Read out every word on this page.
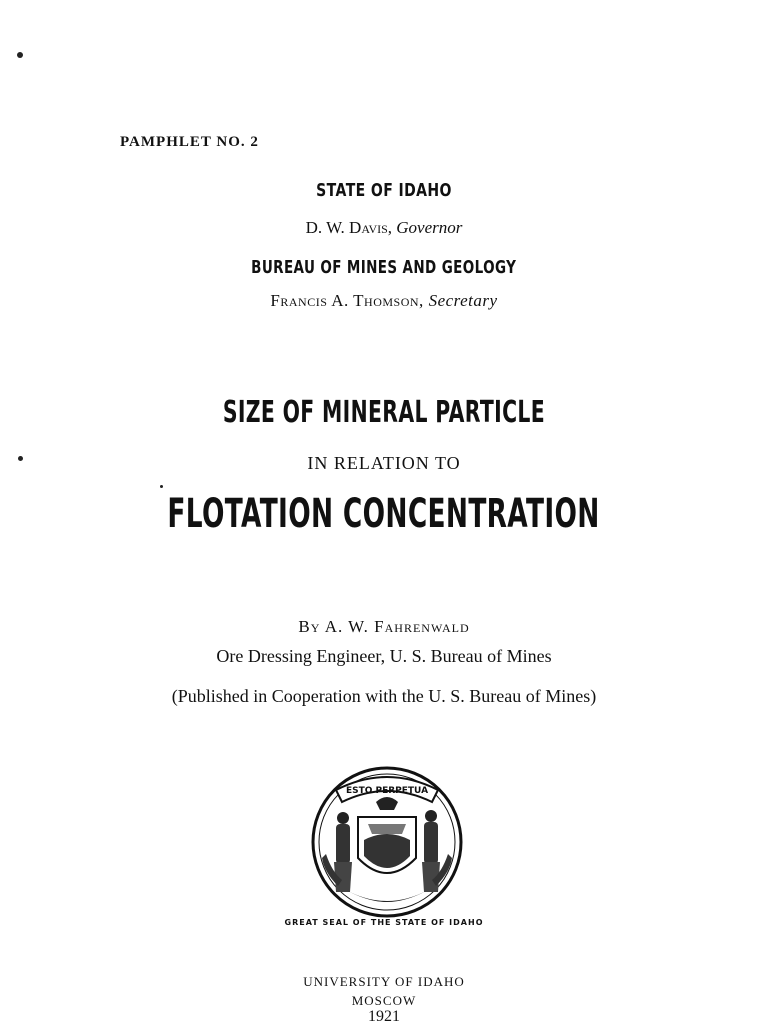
PAMPHLET NO. 2
STATE OF IDAHO
D. W. Davis, Governor
BUREAU OF MINES AND GEOLOGY
Francis A. Thomson, Secretary
SIZE OF MINERAL PARTICLE
IN RELATION TO
FLOTATION CONCENTRATION
By A. W. Fahrenwald
Ore Dressing Engineer, U. S. Bureau of Mines
(Published in Cooperation with the U. S. Bureau of Mines)
ESTO PERPETUA
GREAT SEAL OF THE STATE OF IDAHO
UNIVERSITY OF IDAHO
MOSCOW
1921
